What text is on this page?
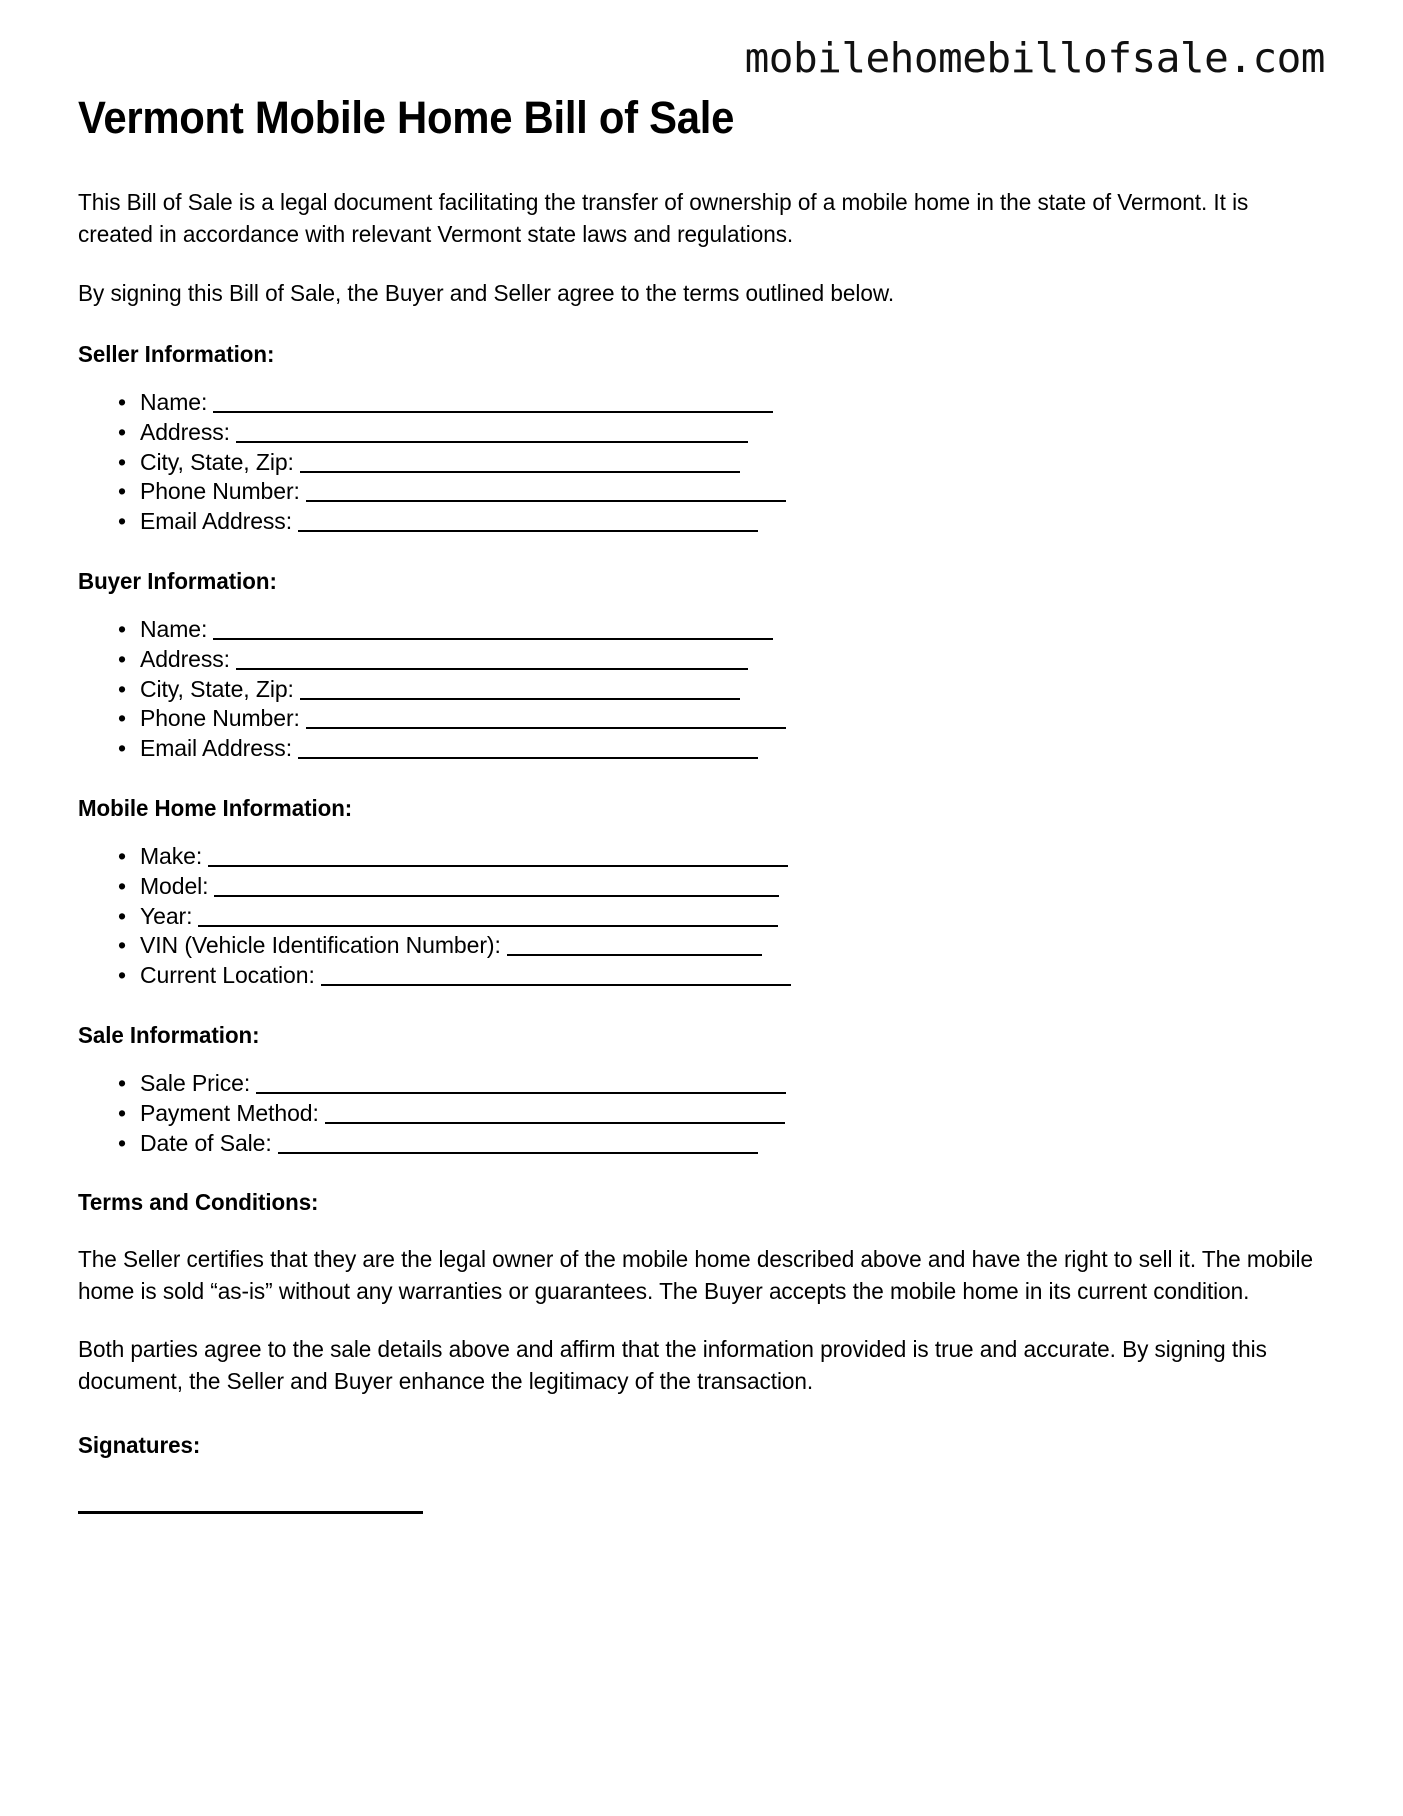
mobilehomebillofsale.com
Vermont Mobile Home Bill of Sale

This Bill of Sale is a legal document facilitating the transfer of ownership of a mobile home in the state of Vermont. It is created in accordance with relevant Vermont state laws and regulations.

By signing this Bill of Sale, the Buyer and Seller agree to the terms outlined below.

Seller Information:
• Name:
• Address:
• City, State, Zip:
• Phone Number:
• Email Address:
Buyer Information:
• Name:
• Address:
• City, State, Zip:
• Phone Number:
• Email Address:
Mobile Home Information:
• Make:
• Model:
• Year:
• VIN (Vehicle Identification Number):
• Current Location:
Sale Information:
• Sale Price:
• Payment Method:
• Date of Sale:
Terms and Conditions:

The Seller certifies that they are the legal owner of the mobile home described above and have the right to sell it. The mobile home is sold “as-is” without any warranties or guarantees. The Buyer accepts the mobile home in its current condition.

Both parties agree to the sale details above and affirm that the information provided is true and accurate. By signing this document, the Seller and Buyer enhance the legitimacy of the transaction.

Signatures:
